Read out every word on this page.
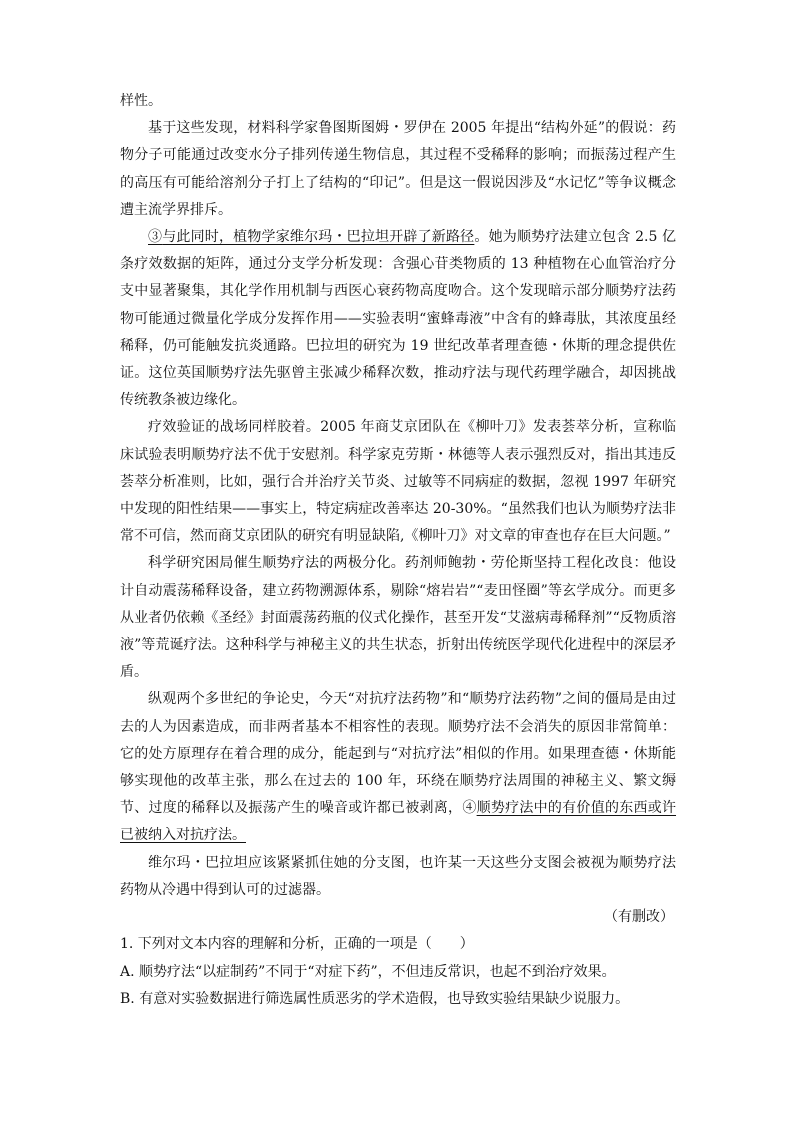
样性。

基于这些发现，材料科学家鲁图斯图姆・罗伊在 2005 年提出“结构外延”的假说：药物分子可能通过改变水分子排列传递生物信息，其过程不受稀释的影响；而振荡过程产生的高压有可能给溶剂分子打上了结构的“印记”。但是这一假说因涉及“水记忆”等争议概念遭主流学界排斥。

③与此同时，植物学家维尔玛・巴拉坦开辟了新路径。她为顺势疗法建立包含 2.5 亿条疗效数据的矩阵，通过分支学分析发现：含强心苷类物质的 13 种植物在心血管治疗分支中显著聚集，其化学作用机制与西医心衰药物高度吻合。这个发现暗示部分顺势疗法药物可能通过微量化学成分发挥作用——实验表明“蜜蜂毒液”中含有的蜂毒肽，其浓度虽经稀释，仍可能触发抗炎通路。巴拉坦的研究为 19 世纪改革者理查德・休斯的理念提供佐证。这位英国顺势疗法先驱曾主张减少稀释次数，推动疗法与现代药理学融合，却因挑战传统教条被边缘化。

疗效验证的战场同样胶着。2005 年商艾京团队在《柳叶刀》发表荟萃分析，宣称临床试验表明顺势疗法不优于安慰剂。科学家克劳斯・林德等人表示强烈反对，指出其违反荟萃分析准则，比如，强行合并治疗关节炎、过敏等不同病症的数据，忽视 1997 年研究中发现的阳性结果——事实上，特定病症改善率达 20-30%。“虽然我们也认为顺势疗法非常不可信，然而商艾京团队的研究有明显缺陷,《柳叶刀》对文章的审查也存在巨大问题。”

科学研究困局催生顺势疗法的两极分化。药剂师鲍勃・劳伦斯坚持工程化改良：他设计自动震荡稀释设备，建立药物溯源体系，剔除“熔岩岩”“麦田怪圈”等玄学成分。而更多从业者仍依赖《圣经》封面震荡药瓶的仪式化操作，甚至开发“艾滋病毒稀释剂”“反物质溶液”等荒诞疗法。这种科学与神秘主义的共生状态，折射出传统医学现代化进程中的深层矛盾。

纵观两个多世纪的争论史，今天“对抗疗法药物”和“顺势疗法药物”之间的僵局是由过去的人为因素造成，而非两者基本不相容性的表现。顺势疗法不会消失的原因非常简单：它的处方原理存在着合理的成分，能起到与“对抗疗法”相似的作用。如果理查德・休斯能够实现他的改革主张，那么在过去的 100 年，环绕在顺势疗法周围的神秘主义、繁文缛节、过度的稀释以及振荡产生的噪音或许都已被剥离，④顺势疗法中的有价值的东西或许已被纳入对抗疗法。

维尔玛・巴拉坦应该紧紧抓住她的分支图，也许某一天这些分支图会被视为顺势疗法药物从冷遇中得到认可的过滤器。

（有删改）

1. 下列对文本内容的理解和分析，正确的一项是（　　）

A. 顺势疗法“以症制药”不同于“对症下药”，不但违反常识，也起不到治疗效果。

B. 有意对实验数据进行筛选属性质恶劣的学术造假，也导致实验结果缺少说服力。
